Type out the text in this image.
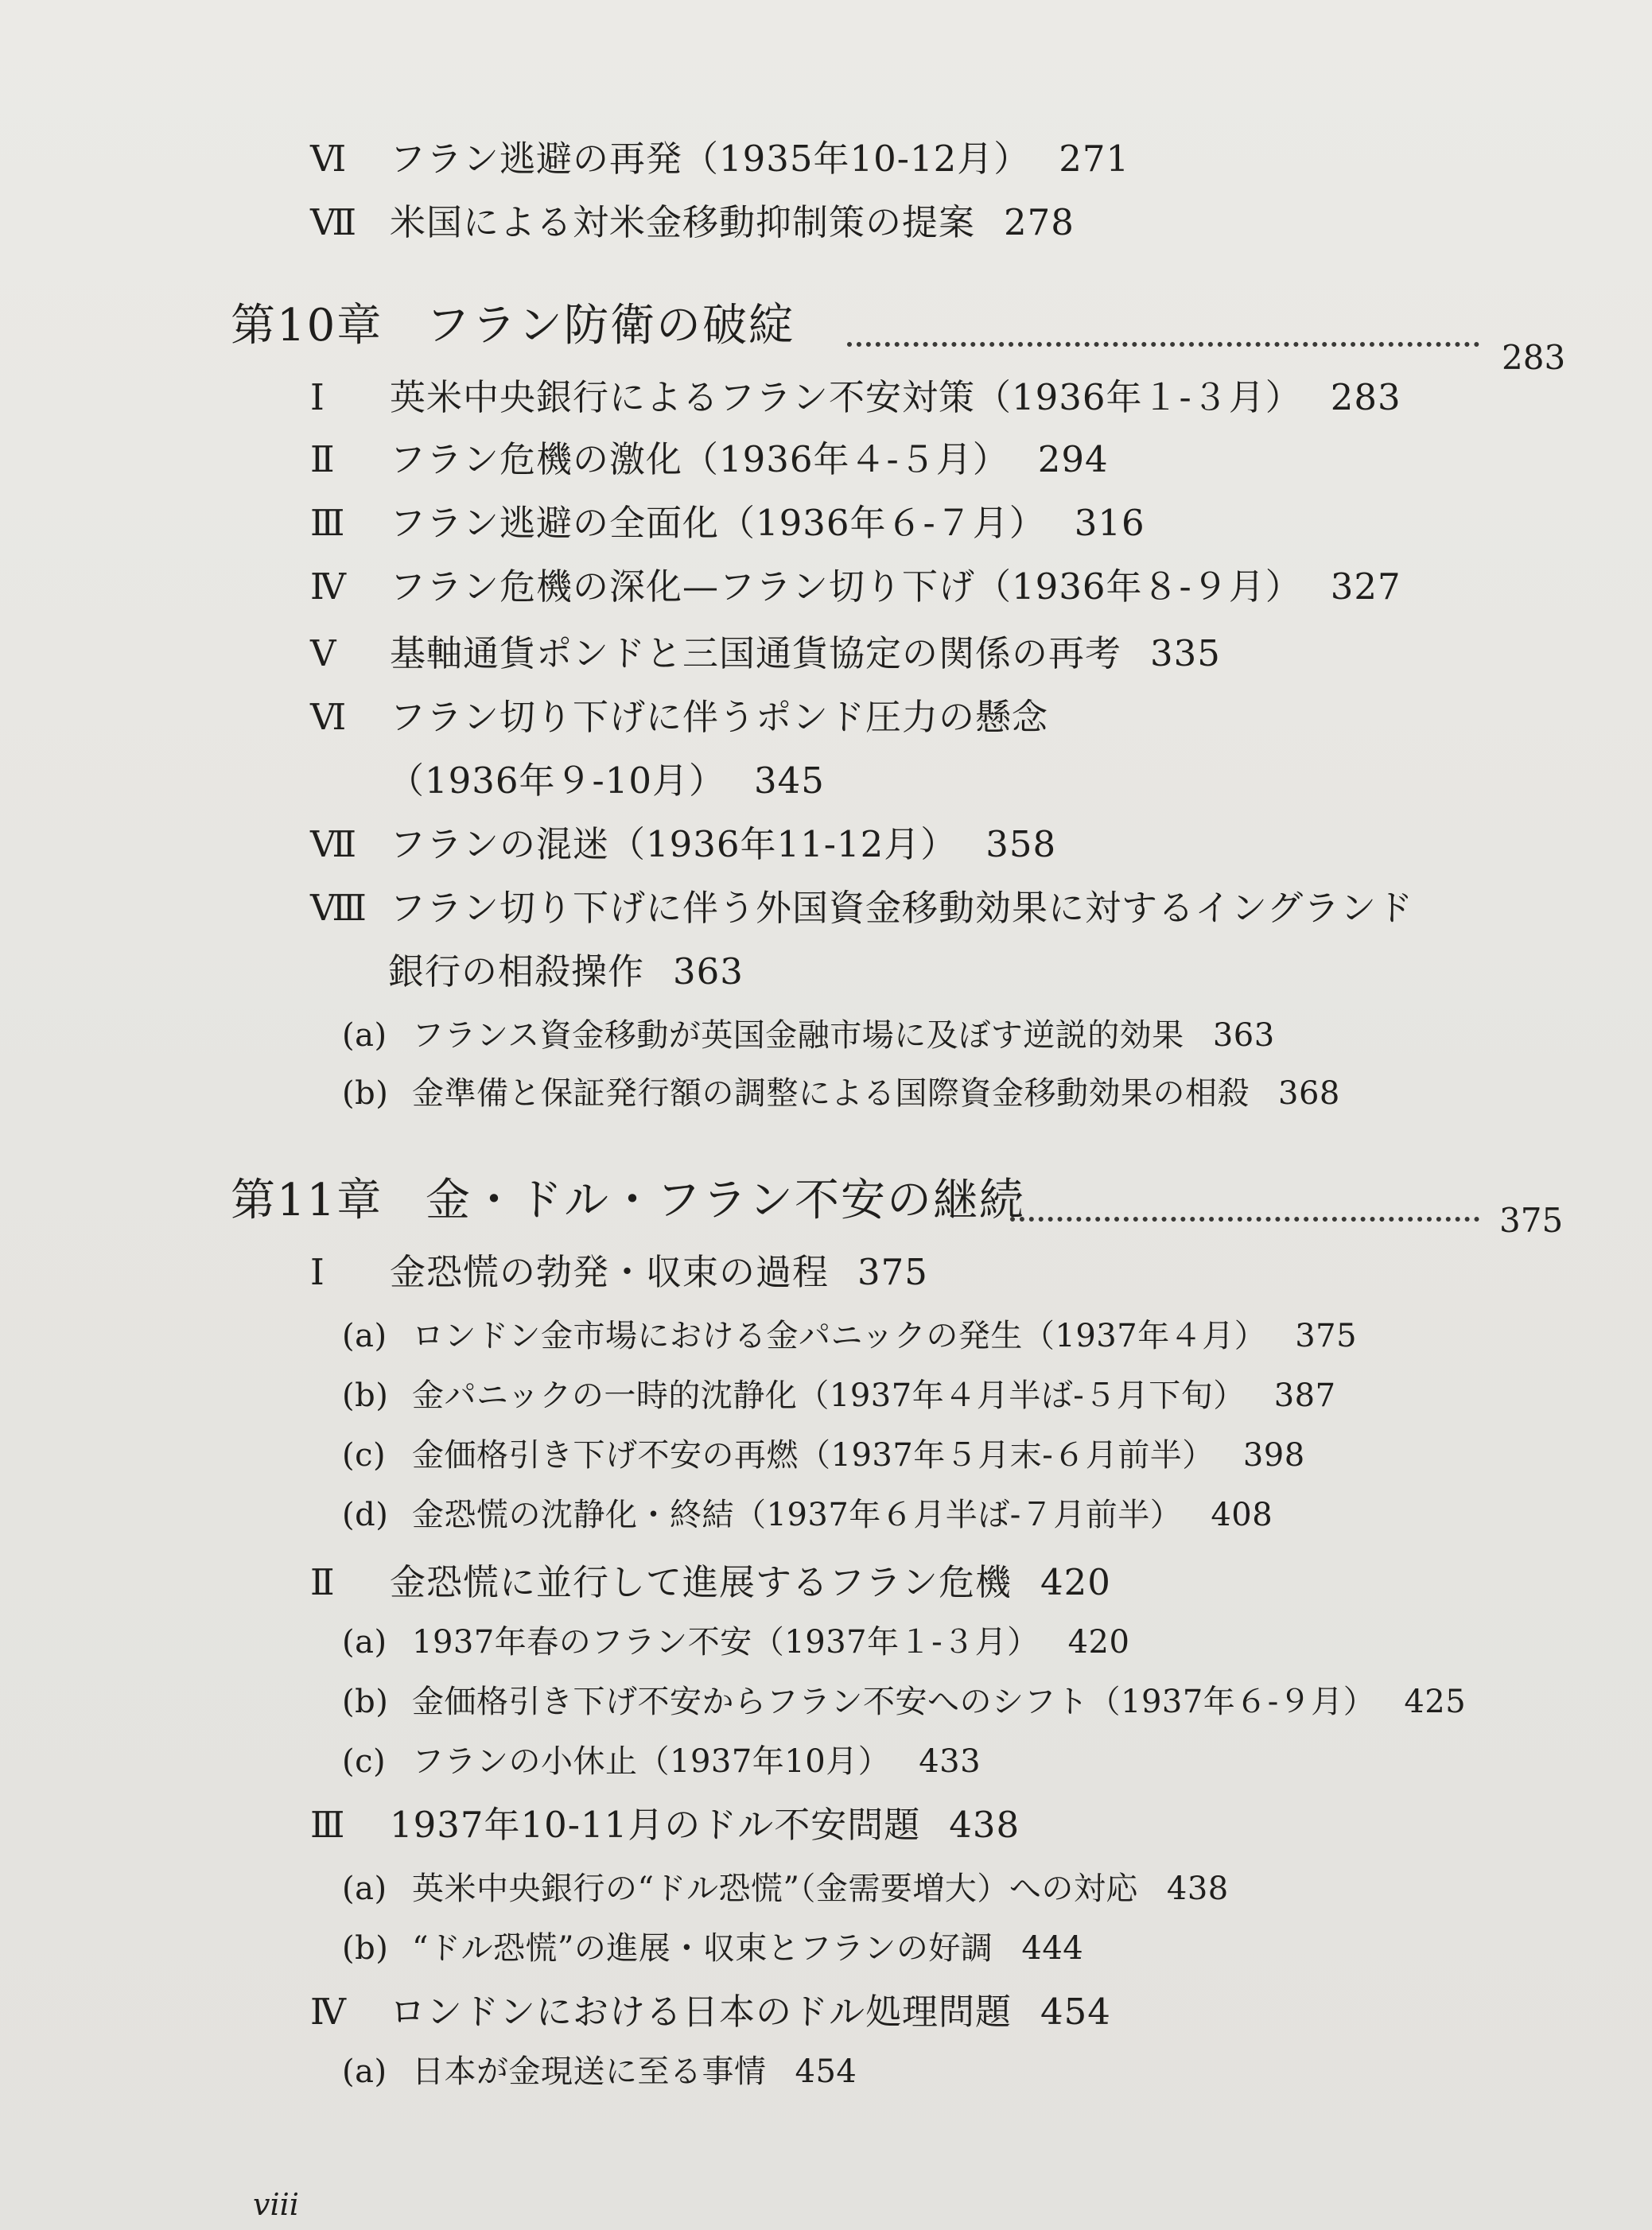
Ⅵ フラン逃避の再発（1935年10-12月） 271
Ⅶ 米国による対米金移動抑制策の提案 278
第10章 フラン防衛の破綻
283
Ⅰ 英米中央銀行によるフラン不安対策（1936年１-３月） 283
Ⅱ フラン危機の激化（1936年４-５月） 294
Ⅲ フラン逃避の全面化（1936年６-７月） 316
Ⅳ フラン危機の深化—フラン切り下げ（1936年８-９月） 327
Ⅴ 基軸通貨ポンドと三国通貨協定の関係の再考 335
Ⅵ フラン切り下げに伴うポンド圧力の懸念
（1936年９-10月） 345
Ⅶ フランの混迷（1936年11-12月） 358
Ⅷ フラン切り下げに伴う外国資金移動効果に対するイングランド
銀行の相殺操作 363
(a) フランス資金移動が英国金融市場に及ぼす逆説的効果 363
(b) 金準備と保証発行額の調整による国際資金移動効果の相殺 368
第11章 金・ドル・フラン不安の継続	375
Ⅰ 金恐慌の勃発・収束の過程 375
(a) ロンドン金市場における金パニックの発生（1937年４月） 375
(b) 金パニックの一時的沈静化（1937年４月半ば-５月下旬） 387
(c) 金価格引き下げ不安の再燃（1937年５月末-６月前半） 398
(d) 金恐慌の沈静化・終結（1937年６月半ば-７月前半） 408
Ⅱ 金恐慌に並行して進展するフラン危機 420
(a) 1937年春のフラン不安（1937年１-３月） 420
(b) 金価格引き下げ不安からフラン不安へのシフト（1937年６-９月） 425
(c) フランの小休止（1937年10月） 433
Ⅲ 1937年10-11月のドル不安問題 438
(a) 英米中央銀行の“ドル恐慌”（金需要増大）への対応 438
(b) “ドル恐慌”の進展・収束とフランの好調 444
Ⅳ ロンドンにおける日本のドル処理問題 454
(a) 日本が金現送に至る事情 454
viii
